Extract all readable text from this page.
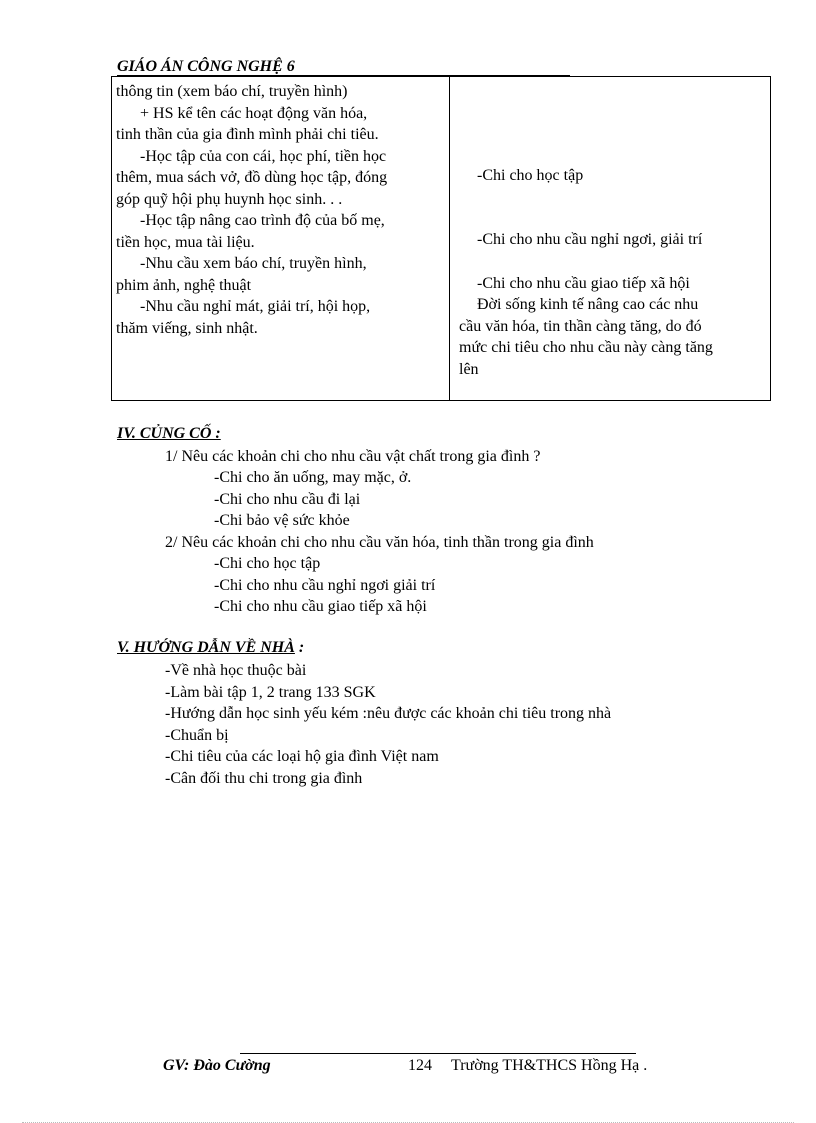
GIÁO ÁN CÔNG NGHỆ 6
thông tin (xem báo chí, truyền hình)
+ HS kể tên các hoạt động văn hóa,
tinh thần của gia đình mình phải chi tiêu.
-Học tập của con cái, học phí, tiền học
thêm, mua sách vở, đồ dùng học tập, đóng
góp quỹ hội phụ huynh học sinh. . .
-Học tập nâng cao trình độ của bố mẹ,
tiền học, mua tài liệu.
-Nhu cầu xem báo chí, truyền hình,
phim ảnh, nghệ thuật
-Nhu cầu nghỉ mát, giải trí, hội họp,
thăm viếng, sinh nhật.
-Chi cho học tập
-Chi cho nhu cầu nghỉ ngơi, giải trí
-Chi cho nhu cầu giao tiếp xã hội
Đời sống kinh tế nâng cao các nhu
cầu văn hóa, tin thần càng tăng, do đó
mức chi tiêu cho nhu cầu này càng tăng
lên
IV. CỦNG CỐ :
1/ Nêu các khoản chi cho nhu cầu vật chất trong gia đình ?
-Chi cho ăn uống, may mặc, ở.
-Chi cho nhu cầu đi lại
-Chi bảo vệ sức khỏe
2/ Nêu các khoản chi cho nhu cầu văn hóa, tinh thần trong gia đình
-Chi cho học tập
-Chi cho nhu cầu nghỉ ngơi giải trí
-Chi cho nhu cầu giao tiếp xã hội
V. HƯỚNG DẪN VỀ NHÀ :
-Về nhà học thuộc bài
-Làm bài tập 1, 2 trang 133 SGK
-Hướng dẫn học sinh yếu kém :nêu được các khoản chi tiêu trong nhà
-Chuẩn bị
-Chi tiêu của các loại hộ gia đình Việt nam
-Cân đối thu chi trong gia đình
GV: Đào Cường	124 Trường TH&THCS Hồng Hạ .
